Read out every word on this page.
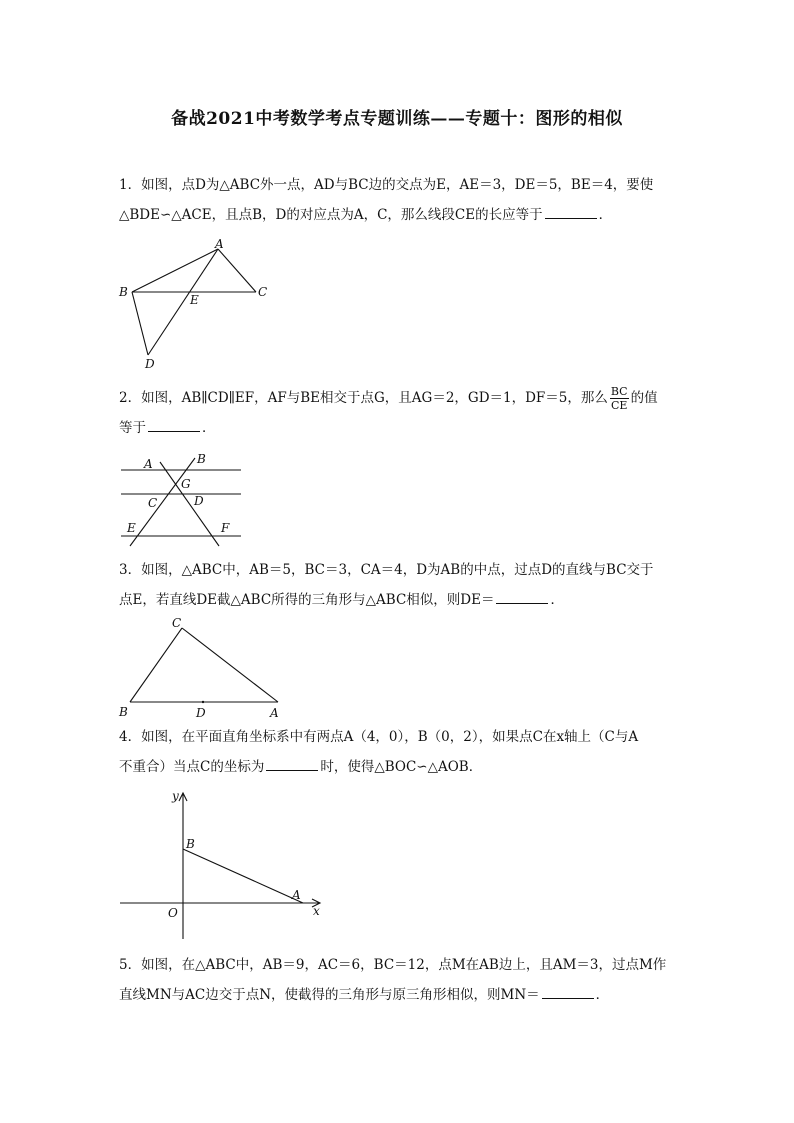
备战2021中考数学考点专题训练——专题十：图形的相似
1．如图，点D为△ABC外一点，AD与BC边的交点为E，AE＝3，DE＝5，BE＝4，要使
△BDE∽△ACE，且点B，D的对应点为A，C，那么线段CE的长应等于	．
A
B	C
E
D
2．如图，AB∥CD∥EF，AF与BE相交于点G，且AG＝2，GD＝1，DF＝5，那么 $\frac{BC}{CE}$ 的值
等于	．
A	B
G
C	D
E	F
3．如图，△ABC中，AB＝5，BC＝3，CA＝4，D为AB的中点，过点D的直线与BC交于
点E，若直线DE截△ABC所得的三角形与△ABC相似，则DE＝	．
C
B	D	A
4．如图，在平面直角坐标系中有两点A（4，0），B（0，2），如果点C在x轴上（C与A
不重合）当点C的坐标为	时，使得△BOC∽△AOB．
y
x
O
B
A
5．如图，在△ABC中，AB＝9，AC＝6，BC＝12，点M在AB边上，且AM＝3，过点M作
直线MN与AC边交于点N，使截得的三角形与原三角形相似，则MN＝	．
